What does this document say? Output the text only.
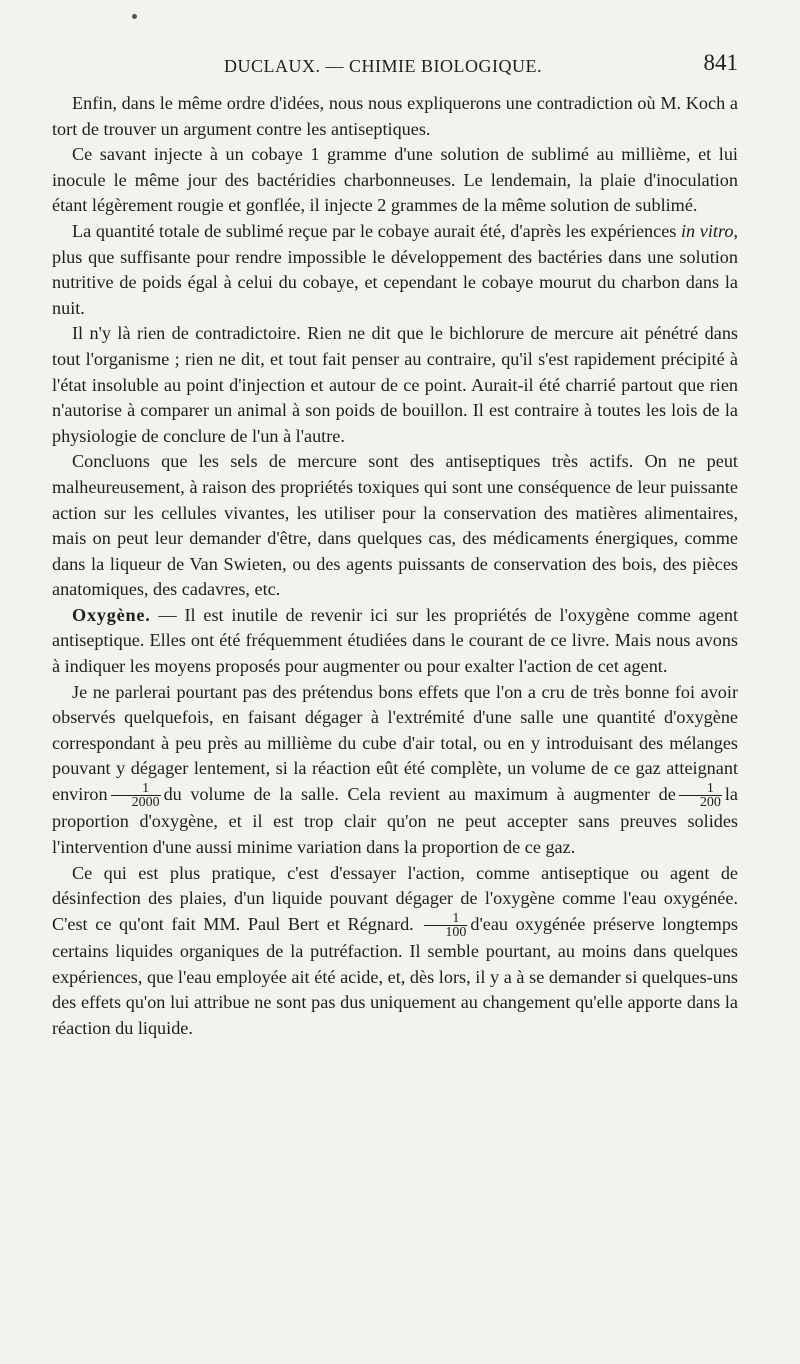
DUCLAUX. — CHIMIE BIOLOGIQUE.	841

Enfin, dans le même ordre d'idées, nous nous expliquerons une contradiction où M. Koch a tort de trouver un argument contre les antiseptiques.

Ce savant injecte à un cobaye 1 gramme d'une solution de sublimé au millième, et lui inocule le même jour des bactéridies charbonneuses. Le lendemain, la plaie d'inoculation étant légèrement rougie et gonflée, il injecte 2 grammes de la même solution de sublimé.

La quantité totale de sublimé reçue par le cobaye aurait été, d'après les expériences in vitro, plus que suffisante pour rendre impossible le développement des bactéries dans une solution nutritive de poids égal à celui du cobaye, et cependant le cobaye mourut du charbon dans la nuit.

Il n'y là rien de contradictoire. Rien ne dit que le bichlorure de mercure ait pénétré dans tout l'organisme ; rien ne dit, et tout fait penser au contraire, qu'il s'est rapidement précipité à l'état insoluble au point d'injection et autour de ce point. Aurait-il été charrié partout que rien n'autorise à comparer un animal à son poids de bouillon. Il est contraire à toutes les lois de la physiologie de conclure de l'un à l'autre.

Concluons que les sels de mercure sont des antiseptiques très actifs. On ne peut malheureusement, à raison des propriétés toxiques qui sont une conséquence de leur puissante action sur les cellules vivantes, les utiliser pour la conservation des matières alimentaires, mais on peut leur demander d'être, dans quelques cas, des médicaments énergiques, comme dans la liqueur de Van Swieten, ou des agents puissants de conservation des bois, des pièces anatomiques, des cadavres, etc.

Oxygène. — Il est inutile de revenir ici sur les propriétés de l'oxygène comme agent antiseptique. Elles ont été fréquemment étudiées dans le courant de ce livre. Mais nous avons à indiquer les moyens proposés pour augmenter ou pour exalter l'action de cet agent.

Je ne parlerai pourtant pas des prétendus bons effets que l'on a cru de très bonne foi avoir observés quelquefois, en faisant dégager à l'extrémité d'une salle une quantité d'oxygène correspondant à peu près au millième du cube d'air total, ou en y introduisant des mélanges pouvant y dégager lentement, si la réaction eût été complète, un volume de ce gaz atteignant environ $\frac{1}{2000}$ du volume de la salle. Cela revient au maximum à augmenter de $\frac{1}{200}$ la proportion d'oxygène, et il est trop clair qu'on ne peut accepter sans preuves solides l'intervention d'une aussi minime variation dans la proportion de ce gaz.

Ce qui est plus pratique, c'est d'essayer l'action, comme antiseptique ou agent de désinfection des plaies, d'un liquide pouvant dégager de l'oxygène comme l'eau oxygénée. C'est ce qu'ont fait MM. Paul Bert et Régnard. $\frac{1}{100} d'eau$ oxygénée préserve longtemps certains liquides organiques de la putréfaction. Il semble pourtant, au moins dans quelques expériences, que l'eau employée ait été acide, et, dès lors, il y a à se demander si quelques-uns des effets qu'on lui attribue ne sont pas dus uniquement au changement qu'elle apporte dans la réaction du liquide.
